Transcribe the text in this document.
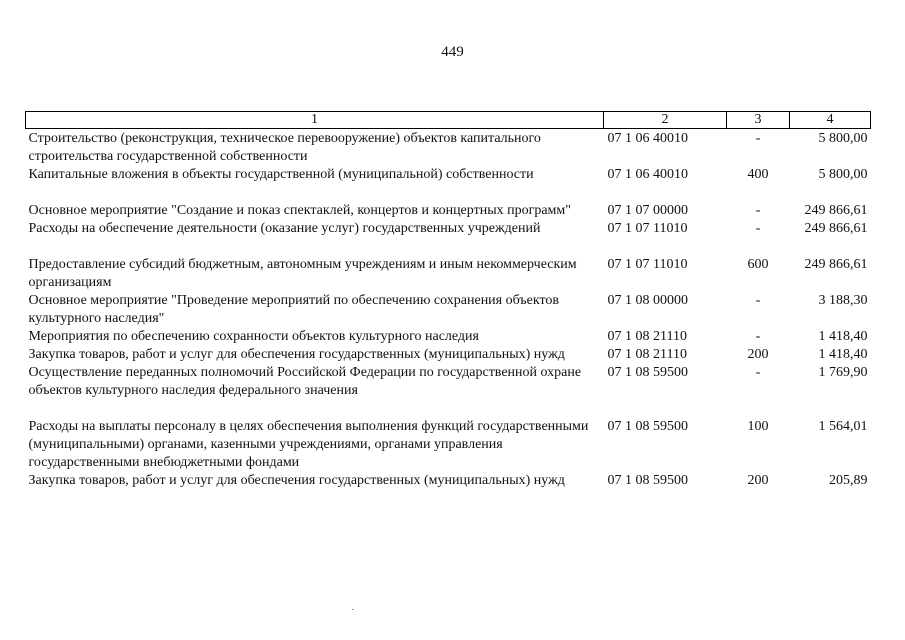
449
1	2	3	4
Строительство (реконструкция, техническое перевооружение) объектов капитального строительства государственной собственности	07 1 06 40010	-	5 800,00
Капитальные вложения в объекты государственной (муниципальной) собственности	07 1 06 40010	400	5 800,00
Основное мероприятие "Создание и показ спектаклей, концертов и концертных программ"	07 1 07 00000	-	249 866,61
Расходы на обеспечение деятельности (оказание услуг) государственных учреждений	07 1 07 11010	-	249 866,61
Предоставление субсидий бюджетным, автономным учреждениям и иным некоммерческим организациям	07 1 07 11010	600	249 866,61
Основное мероприятие "Проведение мероприятий по обеспечению сохранения объектов культурного наследия"	07 1 08 00000	-	3 188,30
Мероприятия по обеспечению сохранности объектов культурного наследия	07 1 08 21110	-	1 418,40
Закупка товаров, работ и услуг для обеспечения государственных (муниципальных) нужд	07 1 08 21110	200	1 418,40
Осуществление переданных полномочий Российской Федерации по государственной охране объектов культурного наследия федерального значения	07 1 08 59500	-	1 769,90
Расходы на выплаты персоналу в целях обеспечения выполнения функций государственными (муниципальными) органами, казенными учреждениями, органами управления государственными внебюджетными фондами	07 1 08 59500	100	1 564,01
Закупка товаров, работ и услуг для обеспечения государственных (муниципальных) нужд	07 1 08 59500	200	205,89
